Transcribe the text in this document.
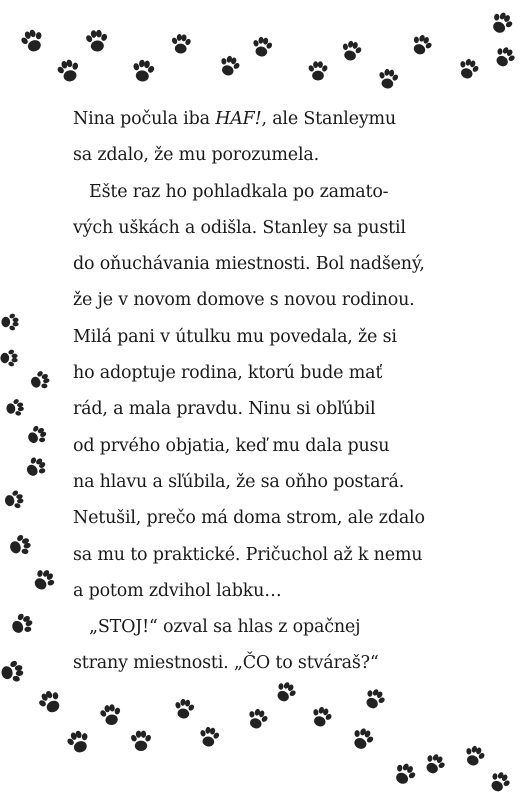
Nina počula iba HAF!, ale Stanleymu
sa zdalo, že mu porozumela.
Ešte raz ho pohladkala po zamato-
vých uškách a odišla. Stanley sa pustil
do oňuchávania miestnosti. Bol nadšený,
že je v novom domove s novou rodinou.
Milá pani v útulku mu povedala, že si
ho adoptuje rodina, ktorú bude mať
rád, a mala pravdu. Ninu si obľúbil
od prvého objatia, keď mu dala pusu
na hlavu a sľúbila, že sa oňho postará.
Netušil, prečo má doma strom, ale zdalo
sa mu to praktické. Pričuchol až k nemu
a potom zdvihol labku…
„STOJ!“ ozval sa hlas z opačnej
strany miestnosti. „ČO to stváraš?“
